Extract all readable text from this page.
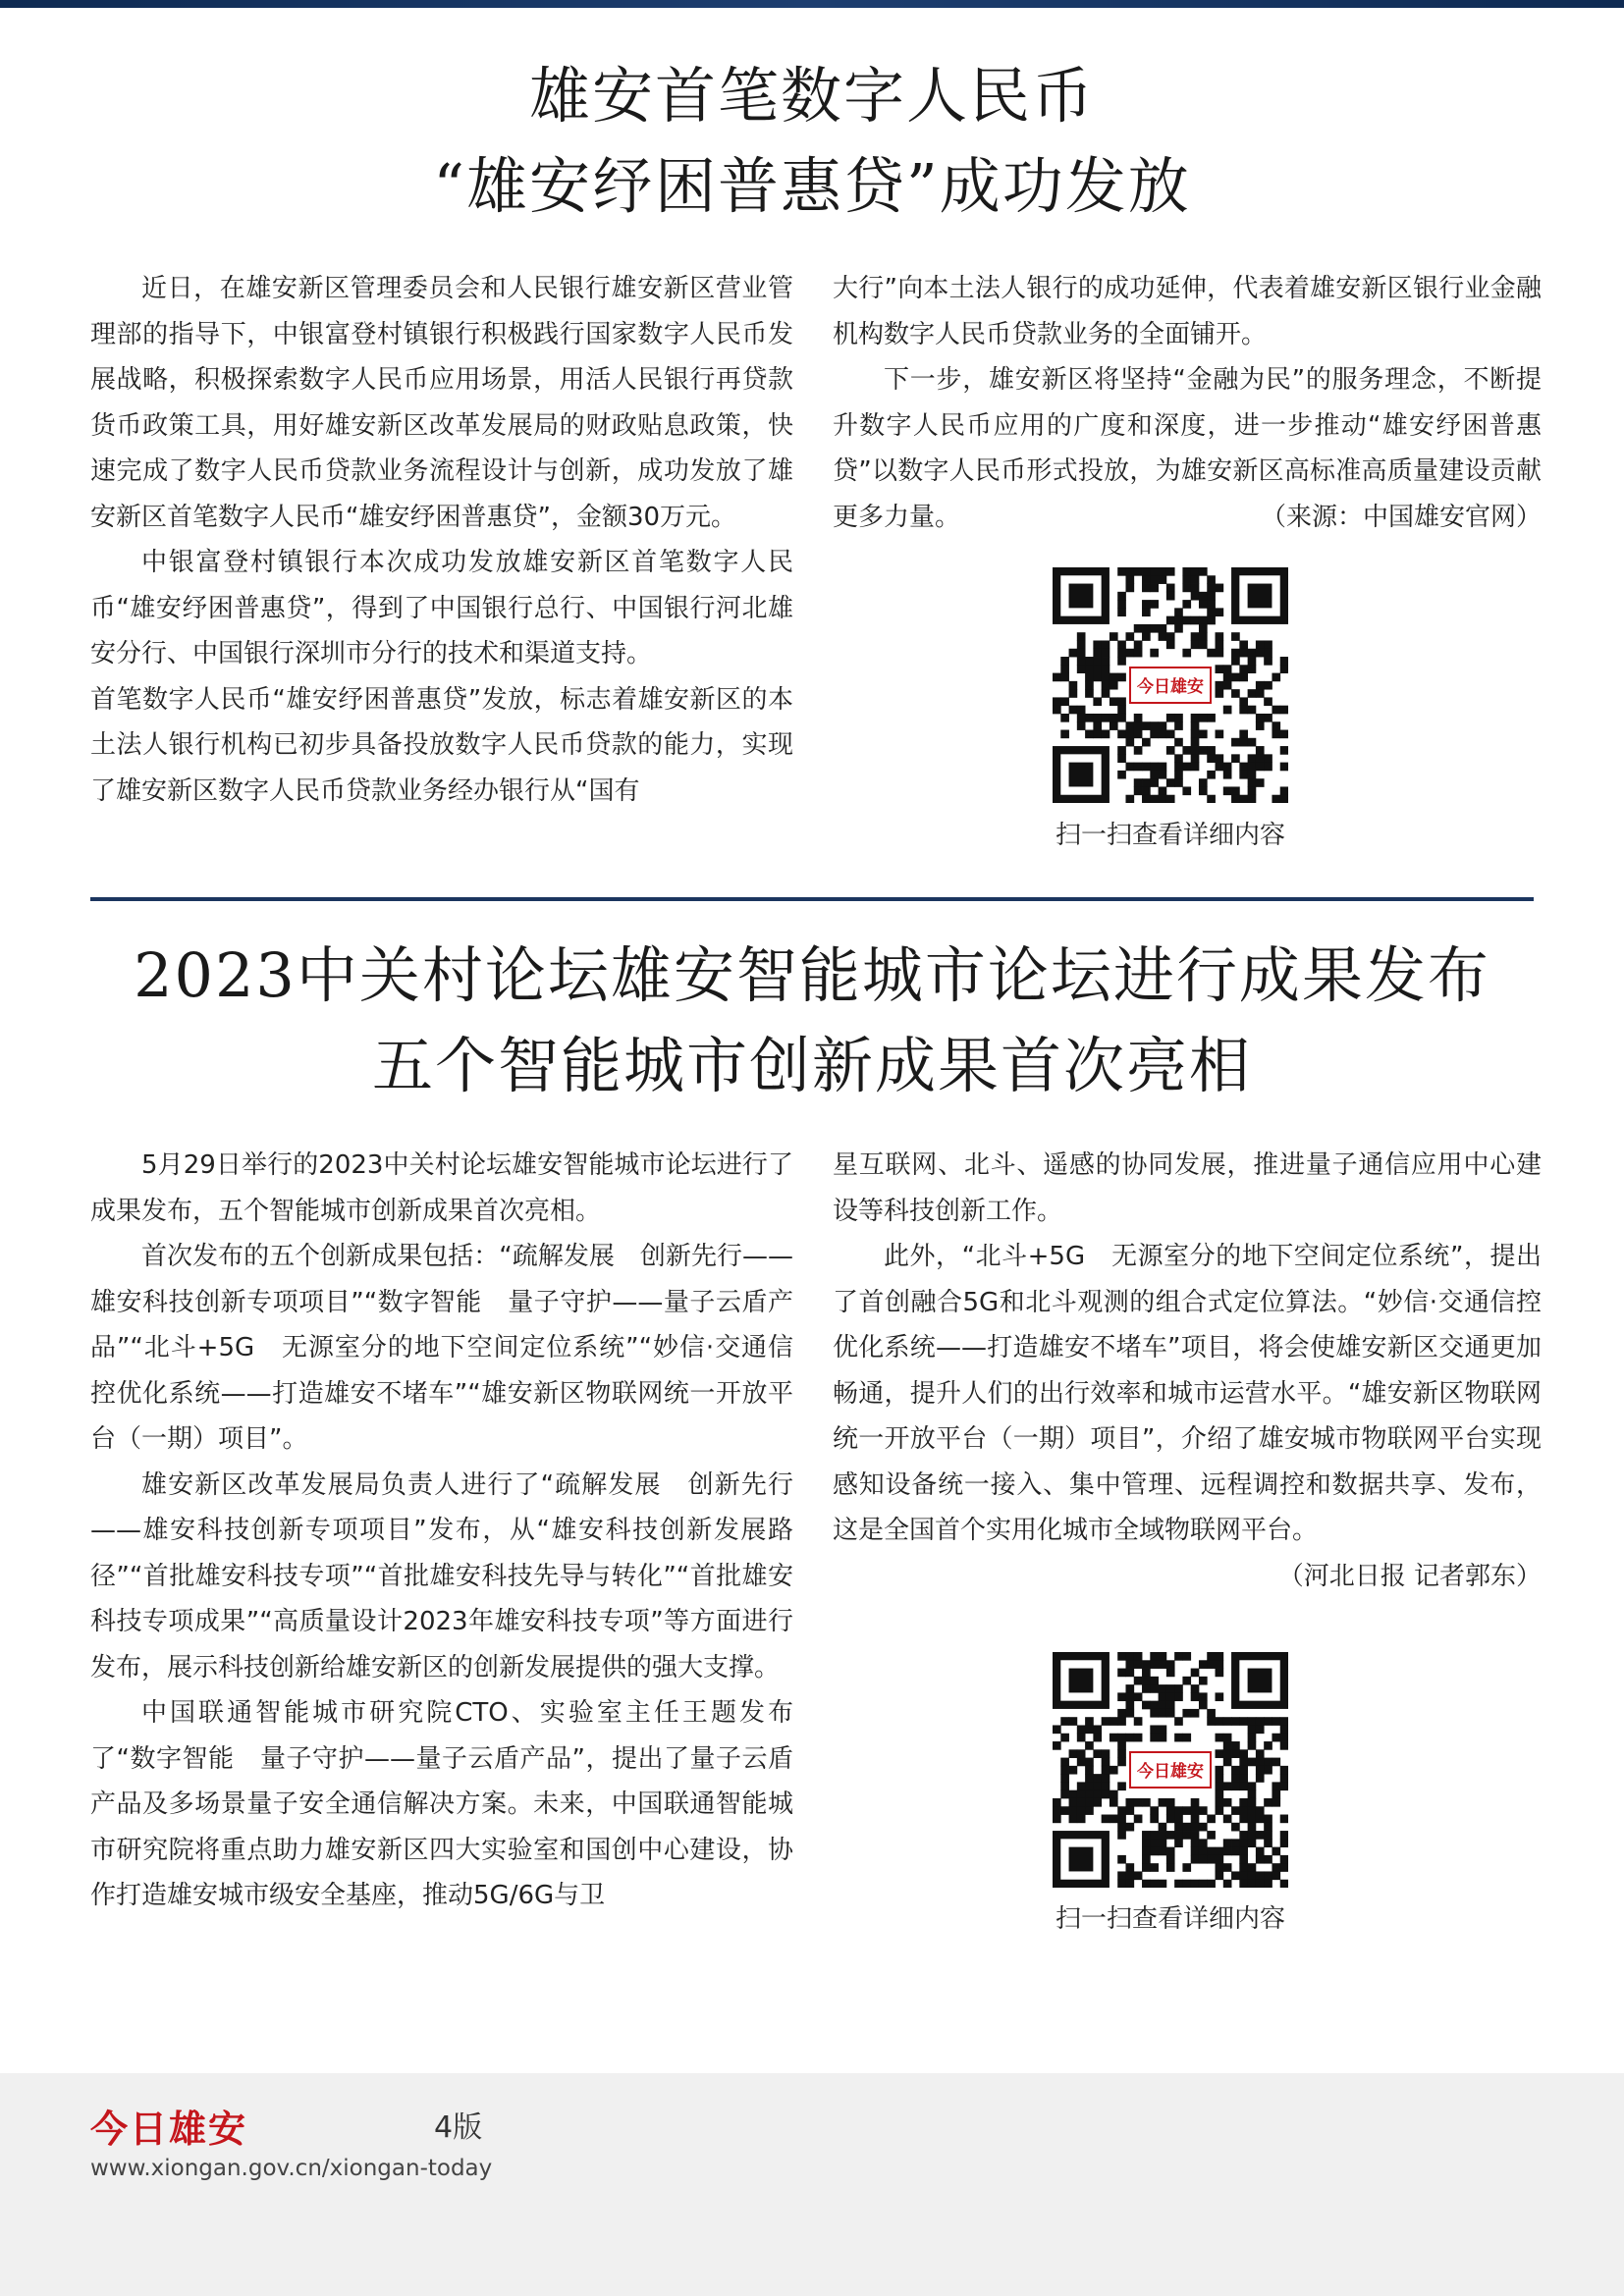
雄安首笔数字人民币
“雄安纾困普惠贷”成功发放

近日，在雄安新区管理委员会和人民银行雄安新区营业管理部的指导下，中银富登村镇银行积极践行国家数字人民币发展战略，积极探索数字人民币应用场景，用活人民银行再贷款货币政策工具，用好雄安新区改革发展局的财政贴息政策，快速完成了数字人民币贷款业务流程设计与创新，成功发放了雄安新区首笔数字人民币“雄安纾困普惠贷”，金额30万元。

中银富登村镇银行本次成功发放雄安新区首笔数字人民币“雄安纾困普惠贷”，得到了中国银行总行、中国银行河北雄安分行、中国银行深圳市分行的技术和渠道支持。

首笔数字人民币“雄安纾困普惠贷”发放，标志着雄安新区的本土法人银行机构已初步具备投放数字人民币贷款的能力，实现了雄安新区数字人民币贷款业务经办银行从“国有

大行”向本土法人银行的成功延伸，代表着雄安新区银行业金融机构数字人民币贷款业务的全面铺开。

下一步，雄安新区将坚持“金融为民”的服务理念，不断提升数字人民币应用的广度和深度，进一步推动“雄安纾困普惠贷”以数字人民币形式投放，为雄安新区高标准高质量建设贡献更多力量。	（来源：中国雄安官网）

今日雄安
扫一扫查看详细内容
2023中关村论坛雄安智能城市论坛进行成果发布
五个智能城市创新成果首次亮相

5月29日举行的2023中关村论坛雄安智能城市论坛进行了成果发布，五个智能城市创新成果首次亮相。

首次发布的五个创新成果包括：“疏解发展　创新先行——雄安科技创新专项项目”“数字智能　量子守护——量子云盾产品”“北斗+5G　无源室分的地下空间定位系统”“妙信·交通信控优化系统——打造雄安不堵车”“雄安新区物联网统一开放平台（一期）项目”。

雄安新区改革发展局负责人进行了“疏解发展　创新先行——雄安科技创新专项项目”发布，从“雄安科技创新发展路径”“首批雄安科技专项”“首批雄安科技先导与转化”“首批雄安科技专项成果”“高质量设计2023年雄安科技专项”等方面进行发布，展示科技创新给雄安新区的创新发展提供的强大支撑。

中国联通智能城市研究院CTO、实验室主任王题发布了“数字智能　量子守护——量子云盾产品”，提出了量子云盾产品及多场景量子安全通信解决方案。未来，中国联通智能城市研究院将重点助力雄安新区四大实验室和国创中心建设，协作打造雄安城市级安全基座，推动5G/6G与卫

星互联网、北斗、遥感的协同发展，推进量子通信应用中心建设等科技创新工作。

此外，“北斗+5G　无源室分的地下空间定位系统”，提出了首创融合5G和北斗观测的组合式定位算法。“妙信·交通信控优化系统——打造雄安不堵车”项目，将会使雄安新区交通更加畅通，提升人们的出行效率和城市运营水平。“雄安新区物联网统一开放平台（一期）项目”，介绍了雄安城市物联网平台实现感知设备统一接入、集中管理、远程调控和数据共享、发布，这是全国首个实用化城市全域物联网平台。
（河北日报 记者郭东）

今日雄安
扫一扫查看详细内容
今日雄安	4版
www.xiongan.gov.cn/xiongan-today
